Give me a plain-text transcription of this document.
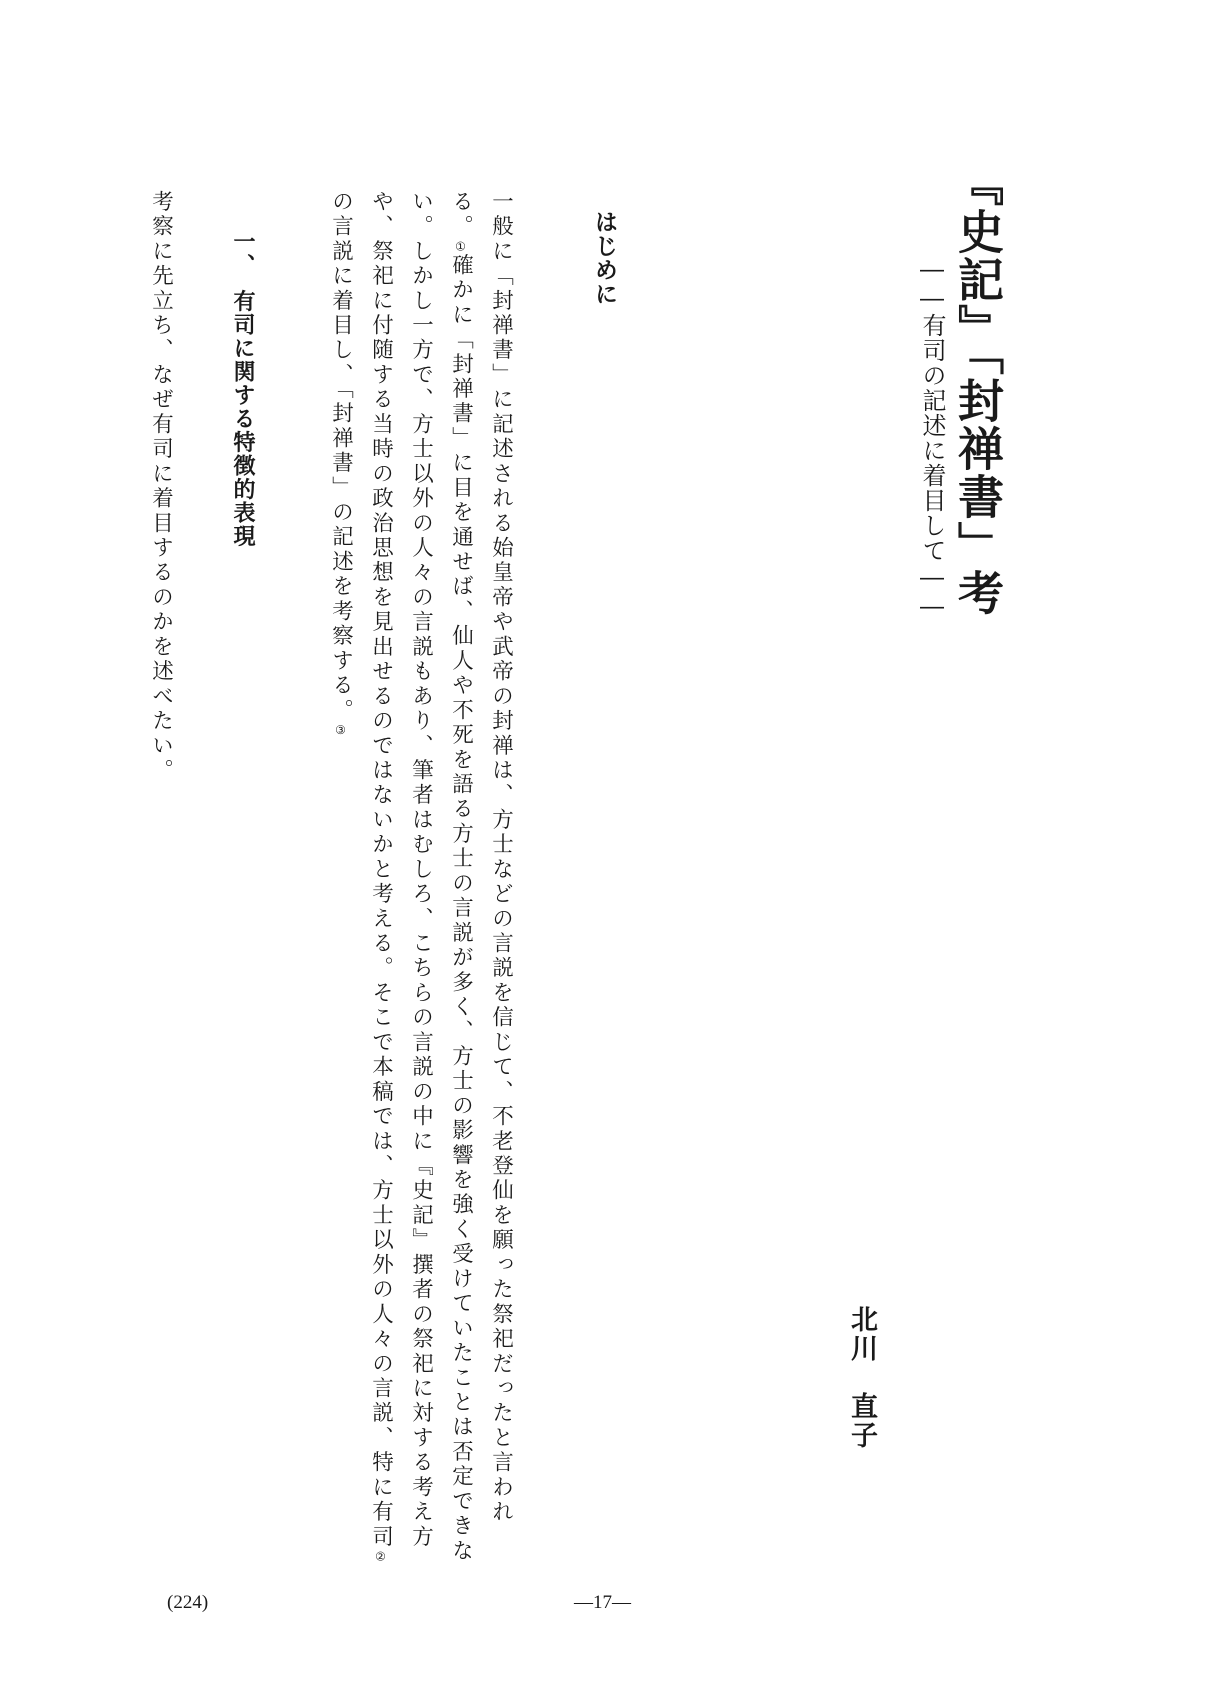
『史記』「封禅書」考
――有司の記述に着目して――
北川　直子
はじめに
一般に「封禅書」に記述される始皇帝や武帝の封禅は、方士などの言説を信じて、不老登仙を願った祭祀だったと言われ
る。①確かに「封禅書」に目を通せば、仙人や不死を語る方士の言説が多く、方士の影響を強く受けていたことは否定できな
い。しかし一方で、方士以外の人々の言説もあり、筆者はむしろ、こちらの言説の中に『史記』撰者の祭祀に対する考え方
や、祭祀に付随する当時の政治思想を見出せるのではないかと考える。そこで本稿では、方士以外の人々の言説、特に有司②
の言説に着目し、「封禅書」の記述を考察する。③
一、　有司に関する特徴的表現
考察に先立ち、なぜ有司に着目するのかを述べたい。
(224)	―17―
